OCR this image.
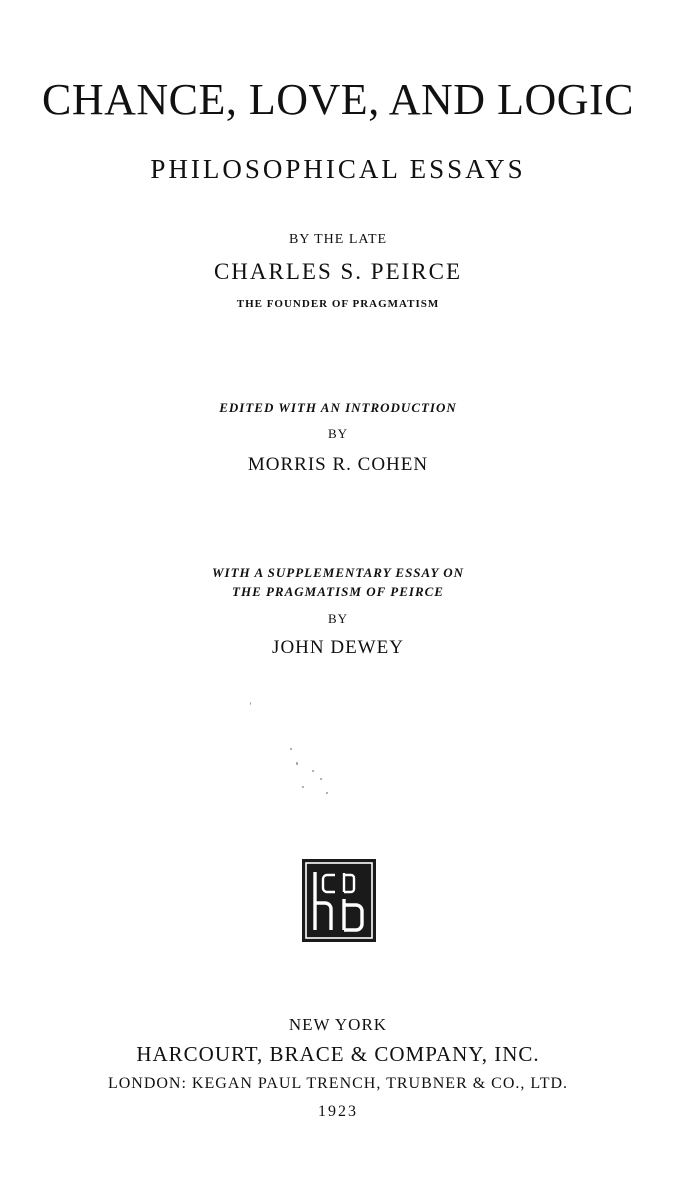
CHANCE, LOVE, AND LOGIC
PHILOSOPHICAL ESSAYS
BY THE LATE
CHARLES S. PEIRCE
THE FOUNDER OF PRAGMATISM
EDITED WITH AN INTRODUCTION
BY
MORRIS R. COHEN
WITH A SUPPLEMENTARY ESSAY ON
THE PRAGMATISM OF PEIRCE
BY
JOHN DEWEY
NEW YORK
HARCOURT, BRACE & COMPANY, INC.
LONDON: KEGAN PAUL TRENCH, TRUBNER & CO., LTD.
1923
